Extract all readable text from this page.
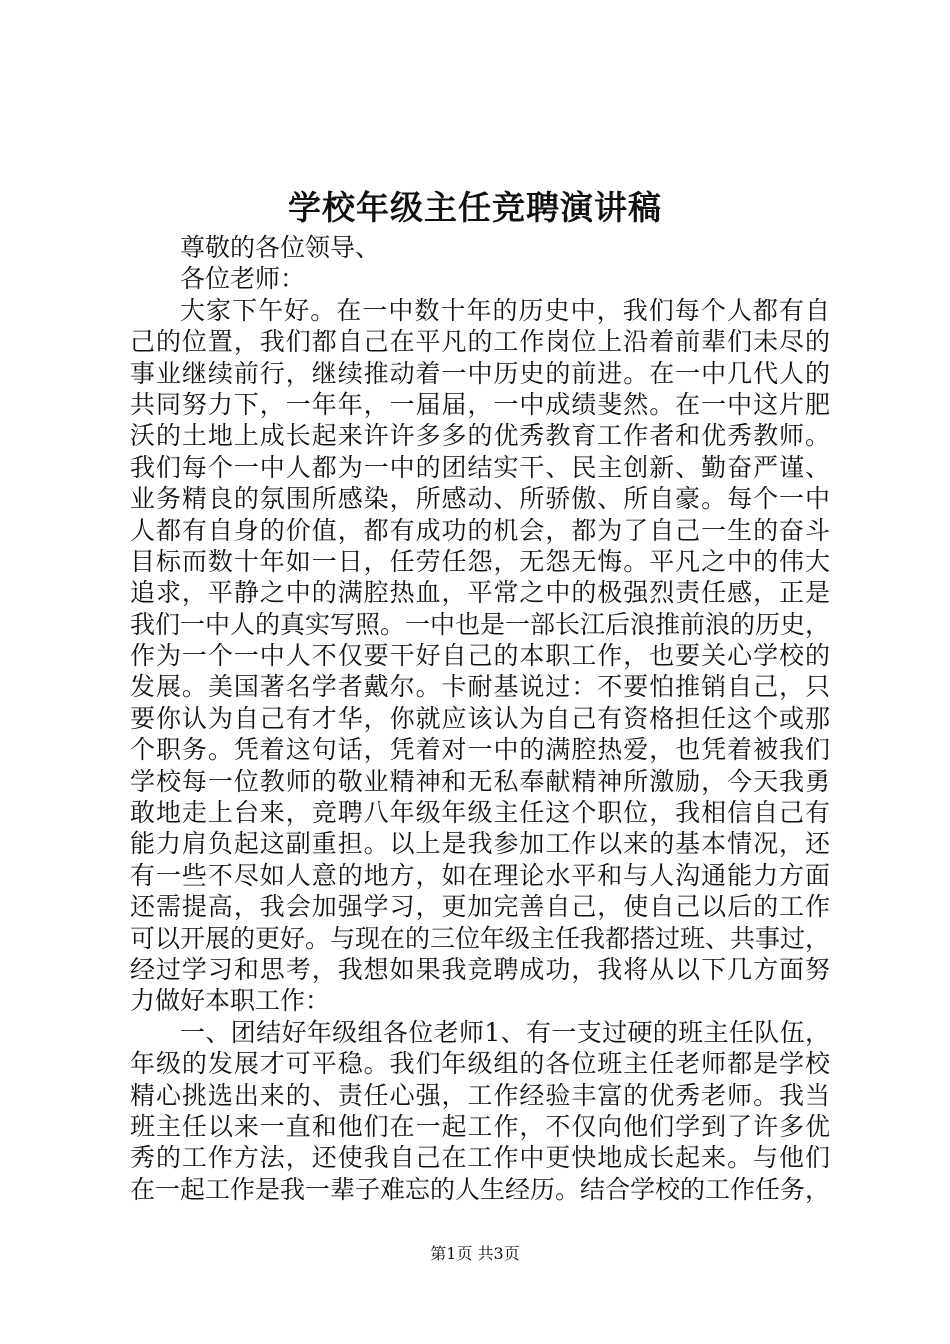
学校年级主任竞聘演讲稿
尊敬的各位领导、
各位老师：
大家下午好。在一中数十年的历史中，我们每个人都有自
己的位置，我们都自己在平凡的工作岗位上沿着前辈们未尽的
事业继续前行，继续推动着一中历史的前进。在一中几代人的
共同努力下，一年年，一届届，一中成绩斐然。在一中这片肥
沃的土地上成长起来许许多多的优秀教育工作者和优秀教师。
我们每个一中人都为一中的团结实干、民主创新、勤奋严谨、
业务精良的氛围所感染，所感动、所骄傲、所自豪。每个一中
人都有自身的价值，都有成功的机会，都为了自己一生的奋斗
目标而数十年如一日，任劳任怨，无怨无悔。平凡之中的伟大
追求，平静之中的满腔热血，平常之中的极强烈责任感，正是
我们一中人的真实写照。一中也是一部长江后浪推前浪的历史，
作为一个一中人不仅要干好自己的本职工作，也要关心学校的
发展。美国著名学者戴尔。卡耐基说过：不要怕推销自己，只
要你认为自己有才华，你就应该认为自己有资格担任这个或那
个职务。凭着这句话，凭着对一中的满腔热爱，也凭着被我们
学校每一位教师的敬业精神和无私奉献精神所激励，今天我勇
敢地走上台来，竞聘八年级年级主任这个职位，我相信自己有
能力肩负起这副重担。以上是我参加工作以来的基本情况，还
有一些不尽如人意的地方，如在理论水平和与人沟通能力方面
还需提高，我会加强学习，更加完善自己，使自己以后的工作
可以开展的更好。与现在的三位年级主任我都搭过班、共事过，
经过学习和思考，我想如果我竞聘成功，我将从以下几方面努
力做好本职工作：
一、团结好年级组各位老师1、有一支过硬的班主任队伍，
年级的发展才可平稳。我们年级组的各位班主任老师都是学校
精心挑选出来的、责任心强，工作经验丰富的优秀老师。我当
班主任以来一直和他们在一起工作，不仅向他们学到了许多优
秀的工作方法，还使我自己在工作中更快地成长起来。与他们
在一起工作是我一辈子难忘的人生经历。结合学校的工作任务，
第1页 共3页
